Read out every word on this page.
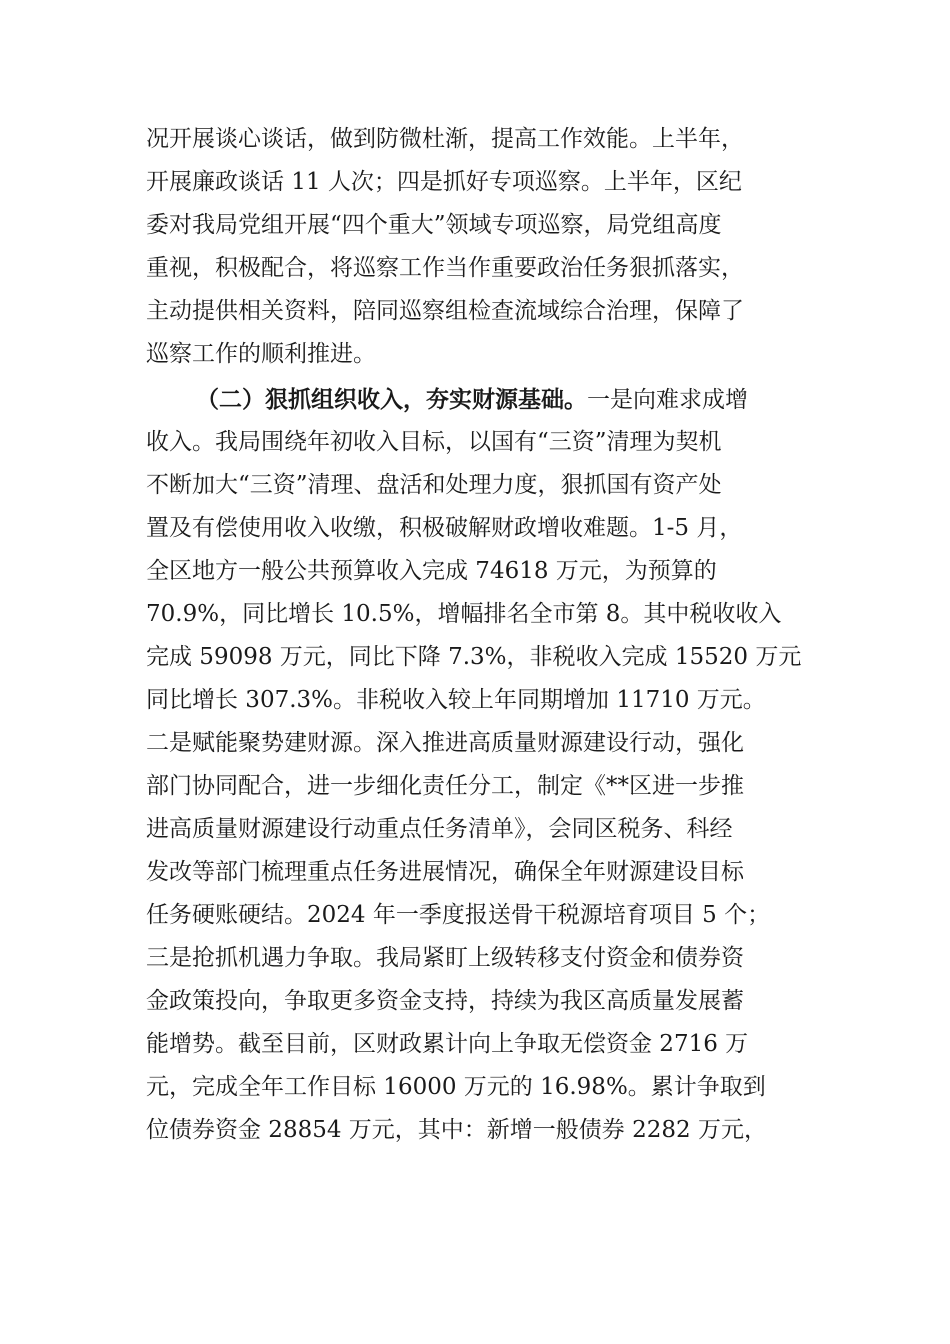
况开展谈心谈话，做到防微杜渐，提高工作效能。上半年，
开展廉政谈话 11 人次；四是抓好专项巡察。上半年，区纪
委对我局党组开展“四个重大”领域专项巡察，局党组高度
重视，积极配合，将巡察工作当作重要政治任务狠抓落实，
主动提供相关资料，陪同巡察组检查流域综合治理，保障了
巡察工作的顺利推进。
（二）狠抓组织收入，夯实财源基础。一是向难求成增
收入。我局围绕年初收入目标，以国有“三资”清理为契机
不断加大“三资”清理、盘活和处理力度，狠抓国有资产处
置及有偿使用收入收缴，积极破解财政增收难题。1-5 月，
全区地方一般公共预算收入完成 74618 万元，为预算的
70.9%，同比增长 10.5%，增幅排名全市第 8。其中税收收入
完成 59098 万元，同比下降 7.3%，非税收入完成 15520 万元
同比增长 307.3%。非税收入较上年同期增加 11710 万元。
二是赋能聚势建财源。深入推进高质量财源建设行动，强化
部门协同配合，进一步细化责任分工，制定《**区进一步推
进高质量财源建设行动重点任务清单》，会同区税务、科经
发改等部门梳理重点任务进展情况，确保全年财源建设目标
任务硬账硬结。2024 年一季度报送骨干税源培育项目 5 个；
三是抢抓机遇力争取。我局紧盯上级转移支付资金和债券资
金政策投向，争取更多资金支持，持续为我区高质量发展蓄
能增势。截至目前，区财政累计向上争取无偿资金 2716 万
元，完成全年工作目标 16000 万元的 16.98%。累计争取到
位债券资金 28854 万元，其中：新增一般债券 2282 万元，
